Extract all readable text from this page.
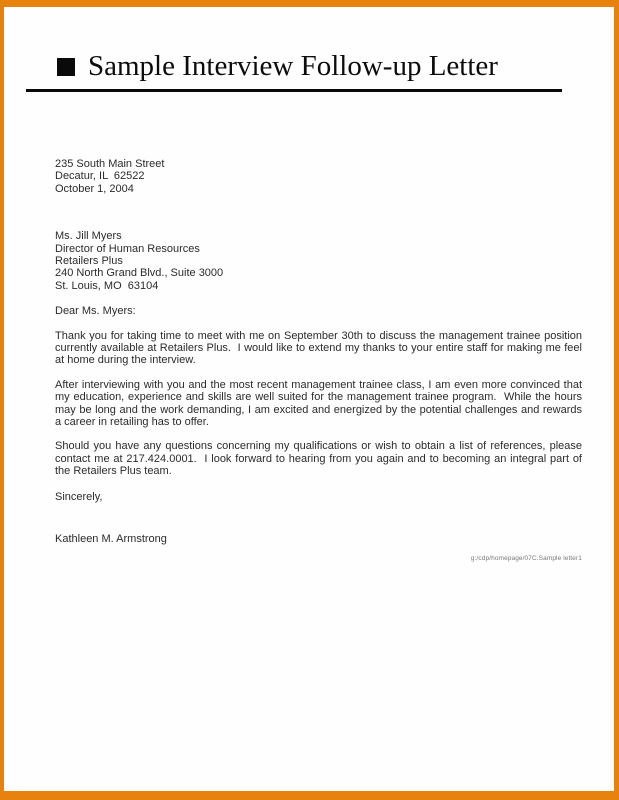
Sample Interview Follow-up Letter
235 South Main Street
Decatur, IL  62522
October 1, 2004
Ms. Jill Myers
Director of Human Resources
Retailers Plus
240 North Grand Blvd., Suite 3000
St. Louis, MO  63104
Dear Ms. Myers:

Thank you for taking time to meet with me on September 30th to discuss the management trainee position currently available at Retailers Plus.  I would like to extend my thanks to your entire staff for making me feel at home during the interview.

After interviewing with you and the most recent management trainee class, I am even more convinced that my education, experience and skills are well suited for the management trainee program.  While the hours may be long and the work demanding, I am excited and energized by the potential challenges and rewards a career in retailing has to offer.

Should you have any questions concerning my qualifications or wish to obtain a list of references, please contact me at 217.424.0001.  I look forward to hearing from you again and to becoming an integral part of the Retailers Plus team.

Sincerely,
Kathleen M. Armstrong
g:/cdp/homepage/07C.Sample letter1
